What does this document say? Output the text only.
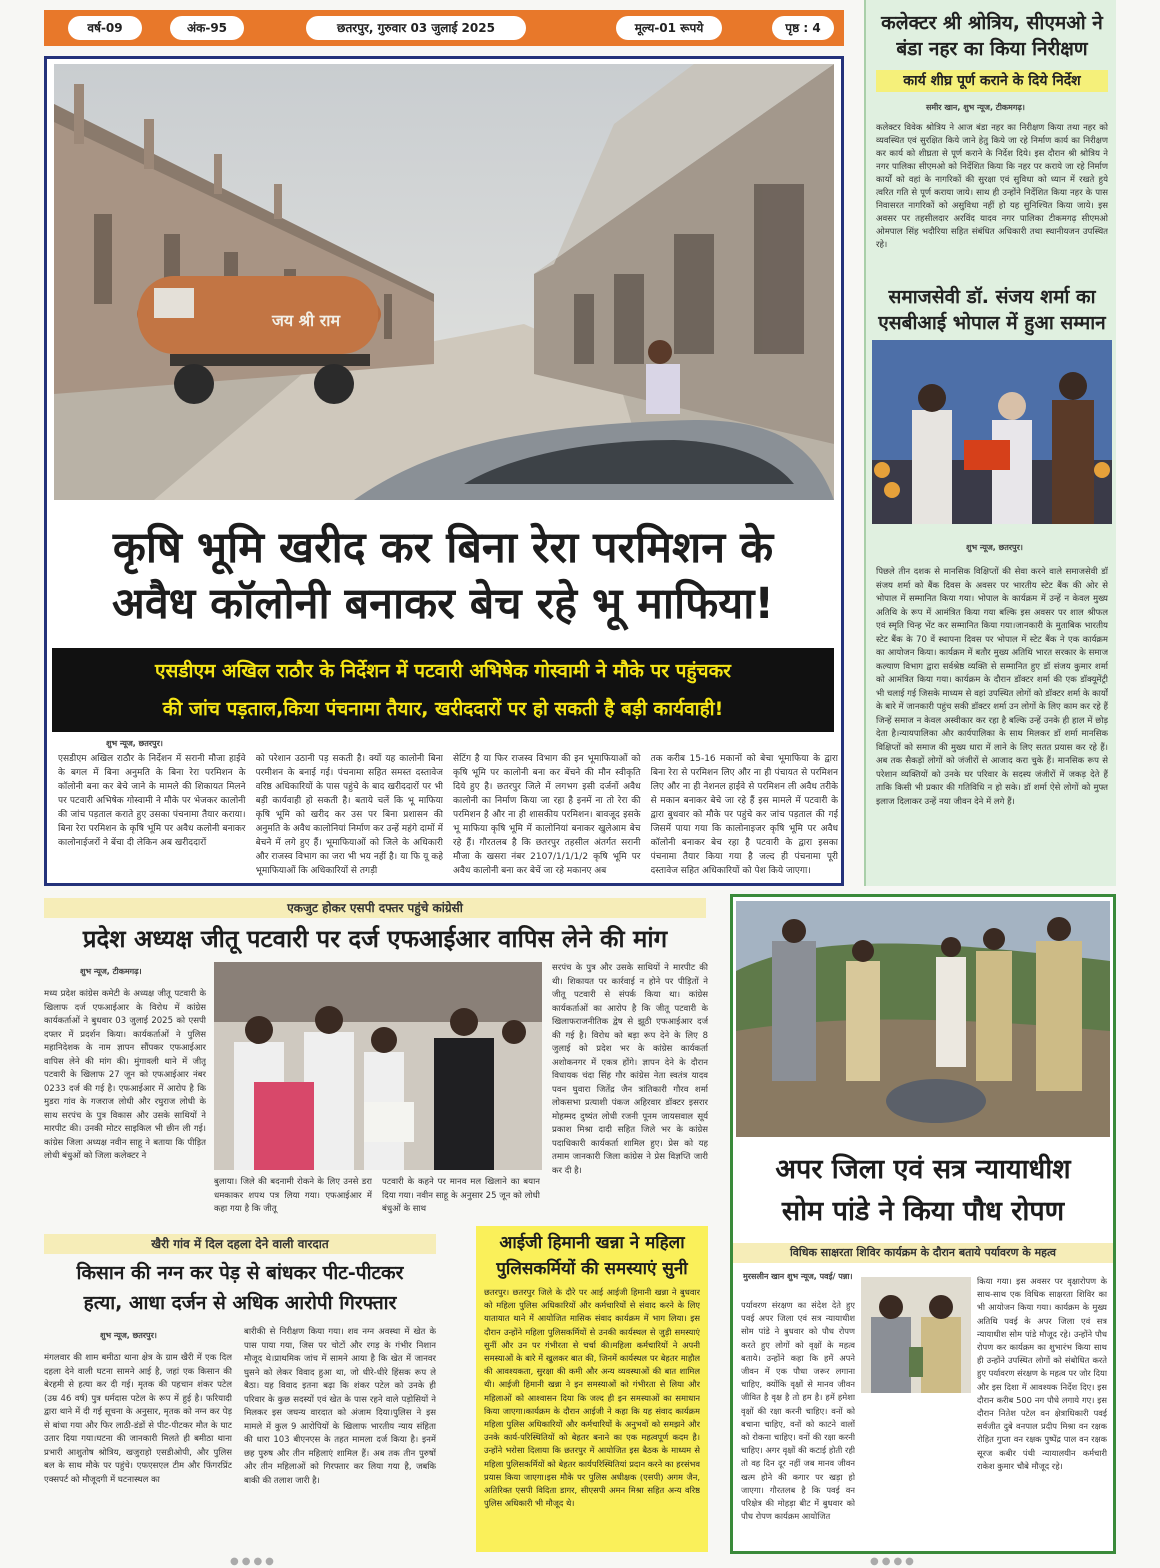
वर्ष-09	अंक-95	छतरपुर, गुरुवार 03 जुलाई 2025	मूल्य-01 रूपये	पृष्ठ : 4
जय श्री राम
कृषि भूमि खरीद कर बिना रेरा परमिशन के
अवैध कॉलोनी बनाकर बेच रहे भू माफिया!
एसडीएम अखिल राठौर के निर्देशन में पटवारी अभिषेक गोस्वामी ने मौके पर पहुंचकर
की जांच पड़ताल,किया पंचनामा तैयार, खरीददारों पर हो सकती है बड़ी कार्यवाही!
शुभ न्यूज, छतरपुर।

एसडीएम अखिल राठौर के निर्देशन में सरानी मौजा हाईवे के बगल में बिना अनुमति के बिना रेरा परमिशन के कॉलोनी बना कर बेचे जाने के मामले की शिकायत मिलने पर पटवारी अभिषेक गोस्वामी ने मौके पर भेजकर कालोनी की जांच पड़ताल कराते हुए उसका पंचनामा तैयार कराया। बिना रेरा परमिशन के कृषि भूमि पर अवैध कलोनी बनाकर कालोनाईजरों ने बेंचा दी लेकिन अब खरीददारों

को परेशान उठानी पड़ सकती है। क्यों यह कालोनी बिना परमीशन के बनाई गई। पंचनामा सहित समस्त दस्तावेज वरिष्ठ अधिकारियों के पास पहुंचे के बाद खरीददारों पर भी बड़ी कार्यवाही हो सकती है। बताये चलें कि भू माफिया कृषि भूमि को खरीद कर उस पर बिना प्रशासन की अनुमति के अवैध कालोनियां निर्माण कर उन्हें महंगे दामों में बेचने में लगे हुए हैं। भूमाफियाओं को जिले के अधिकारी और राजस्व विभाग का जरा भी भय नहीं है। या फि यू कहे भूमाफियाओं कि अधिकारियों से तगड़ी

सेटिंग है या फिर राजस्व विभाग की इन भूमाफियाओं को कृषि भूमि पर कालोनी बना कर बेंचने की मौन स्वीकृति दिये हुए है। छतरपुर जिले में लगभग इसी दर्जनों अवैध कालोनी का निर्माण किया जा रहा है इनमें ना तो रेरा की परमिशन है और ना ही शासकीय परमिशन। बावजूद इसके भू माफिया कृषि भूमि में कालोनियां बनाकर खुलेआम बेच रहे हैं। गौरतलब है कि छतरपुर तहसील अंतर्गत सरानी मौजा के खसरा नंबर 2107/1/1/1/2 कृषि भूमि पर अवैध कालोनी बना कर बेचें जा रहे मकानए अब

तक करीब 15-16 मकानों को बेचा भूमाफिया के द्वारा बिना रेरा से परमिशन लिए और ना ही पंचायत से परमिशन लिए और ना ही नेशनल हाईवे से परमिशन ली अवैध तरीके से मकान बनाकर बेचे जा रहे हैं इस मामले में पटवारी के द्वारा बुधवार को मौके पर पहुंचे कर जांच पड़ताल की गई जिसमें पाया गया कि कालोनाइजर कृषि भूमि पर अवैध कॉलोनी बनाकर बेच रहा है पटवारी के द्वारा इसका पंचनामा तैयार किया गया है जल्द ही पंचनामा पूरी दस्तावेज सहित अधिकारियों को पेश किये जाएगा।

कलेक्टर श्री श्रोत्रिय, सीएमओ ने बंडा नहर का किया निरीक्षण
कार्य शीघ्र पूर्ण कराने के दिये निर्देश
समीर खान, शुभ न्यूज, टीकमगढ़।

कलेक्टर विवेक श्रोत्रिय ने आज बंडा नहर का निरीक्षण किया तथा नहर को व्यवस्थित एवं सुरक्षित किये जाने हेतु किये जा रहे निर्माण कार्य का निरीक्षण कर कार्य को शीघ्रता से पूर्ण कराने के निर्देश दिये। इस दौरान श्री श्रोत्रिय ने नगर पालिका सीएमओ को निर्देशित किया कि नहर पर कराये जा रहे निर्माण कार्यों को वहां के नागरिकों की सुरक्षा एवं सुविधा को ध्यान में रखते हुये त्वरित गति से पूर्ण कराया जाये। साथ ही उन्होंने निर्देशित किया नहर के पास निवासरत नागरिकों को असुविधा नहीं हो यह सुनिश्चित किया जाये। इस अवसर पर तहसीलदार अरविंद यादव नगर पालिका टीकमगढ़ सीएमओ ओमपाल सिंह भदौरिया सहित संबंधित अधिकारी तथा स्थानीयजन उपस्थित रहे।

समाजसेवी डॉ. संजय शर्मा का एसबीआई भोपाल में हुआ सम्मान
शुभ न्यूज, छतरपुर।

पिछले तीन दशक से मानसिक विक्षिप्तों की सेवा करने वाले समाजसेवी डॉ संजय शर्मा को बैंक दिवस के अवसर पर भारतीय स्टेट बैंक की ओर से भोपाल में सम्मानित किया गया। भोपाल के कार्यक्रम में उन्हें न केवल मुख्य अतिथि के रूप में आमंत्रित किया गया बल्कि इस अवसर पर शाल श्रीफल एवं स्मृति चिन्ह भेंट कर सम्मानित किया गया।जानकारी के मुताबिक भारतीय स्टेट बैंक के 70 वें स्थापना दिवस पर भोपाल में स्टेट बैंक ने एक कार्यक्रम का आयोजन किया। कार्यक्रम में बतौर मुख्य अतिथि भारत सरकार के समाज कल्याण विभाग द्वारा सर्वश्रेष्ठ व्यक्ति से सम्मानित हुए डॉ संजय कुमार शर्मा को आमंत्रित किया गया। कार्यक्रम के दौरान डॉक्टर शर्मा की एक डॉक्यूमेंट्री भी चलाई गई जिसके माध्यम से वहां उपस्थित लोगों को डॉक्टर शर्मा के कार्यों के बारे में जानकारी पहुंच सकी डॉक्टर शर्मा उन लोगों के लिए काम कर रहे हैं जिन्हें समाज न केवल अस्वीकार कर रहा है बल्कि उन्हें उनके ही हाल में छोड़ देता है।न्यायपालिका और कार्यपालिका के साथ मिलकर डॉ शर्मा मानसिक विक्षिप्तों को समाज की मुख्य धारा में लाने के लिए सतत प्रयास कर रहे हैं। अब तक सैकड़ों लोगों को जंजीरों से आजाद करा चुके हैं। मानसिक रूप से परेशान व्यक्तियों को उनके घर परिवार के सदस्य जंजीरों में जकड़ देते हैं ताकि किसी भी प्रकार की गतिविधि न हो सके। डॉ शर्मा ऐसे लोगों को मुफ्त इलाज दिलाकर उन्हें नया जीवन देने में लगे हैं।

एकजुट होकर एसपी दफ्तर पहुंचे कांग्रेसी
प्रदेश अध्यक्ष जीतू पटवारी पर दर्ज एफआईआर वापिस लेने की मांग
शुभ न्यूज, टीकमगढ़।

मध्य प्रदेश कांग्रेस कमेटी के अध्यक्ष जीतू पटवारी के खिलाफ दर्ज एफआईआर के विरोध में कांग्रेस कार्यकर्ताओं ने बुधवार 03 जुलाई 2025 को एसपी दफ्तर में प्रदर्शन किया। कार्यकर्ताओं ने पुलिस महानिदेशक के नाम ज्ञापन सौंपकर एफआईआर वापिस लेने की मांग की। मुंगावली थाने में जीतू पटवारी के खिलाफ 27 जून को एफआईआर नंबर 0233 दर्ज की गई है। एफआईआर में आरोप है कि मुडरा गांव के गजराज लोधी और रघुराज लोधी के साथ सरपंच के पुत्र विकास और उसके साथियों ने मारपीट की। उनकी मोटर साइकिल भी छीन ली गई। कांग्रेस जिला अध्यक्ष नवीन साहू ने बताया कि पीड़ित लोधी बंधुओं को जिला कलेक्टर ने

बुलाया। जिले की बदनामी रोकने के लिए उनसे डरा धमकाकर शपथ पत्र लिया गया। एफआईआर में कहा गया है कि जीतू

पटवारी के कहने पर मानव मल खिलाने का बयान दिया गया। नवीन साहू के अनुसार 25 जून को लोधी बंधुओं के साथ

सरपंच के पुत्र और उसके साथियों ने मारपीट की थी। शिकायत पर कार्रवाई न होने पर पीड़ितों ने जीतू पटवारी से संपर्क किया था। कांग्रेस कार्यकर्ताओं का आरोप है कि जीतू पटवारी के खिलाफराजनीतिक द्वेष से झूठी एफआईआर दर्ज की गई है। विरोध को बड़ा रूप देने के लिए 8 जुलाई को प्रदेश भर के कांग्रेस कार्यकर्ता अशोकनगर में एकत्र होंगे। ज्ञापन देने के दौरान विधायक चंदा सिंह गौर कांग्रेस नेता स्वतंत्र यादव पवन घुवारा जितेंद्र जैन त्रांतिकारी गौरव शर्मा लोकसभा प्रत्याशी पंकज अहिरवार डॉक्टर इसरार मोहम्मद दुष्यंत लोधी रजनी पूनम जायसवाल सूर्य प्रकाश मिश्रा दादी सहित जिले भर के कांग्रेस पदाधिकारी कार्यकर्ता शामिल हुए। प्रेस को यह तमाम जानकारी जिला कांग्रेस ने प्रेस विज्ञप्ति जारी कर दी है।

खैरी गांव में दिल दहला देने वाली वारदात
किसान की नग्न कर पेड़ से बांधकर पीट-पीटकर
हत्या, आधा दर्जन से अधिक आरोपी गिरफ्तार
शुभ न्यूज, छतरपुर।

मंगलवार की शाम बमीठा थाना क्षेत्र के ग्राम खैरी में एक दिल दहला देने वाली घटना सामने आई है, जहां एक किसान की बेरहमी से हत्या कर दी गई। मृतक की पहचान शंकर पटेल (उम्र 46 वर्ष) पुत्र धर्मदास पटेल के रूप में हुई है। फरियादी द्वारा थाने में दी गई सूचना के अनुसार, मृतक को नग्न कर पेड़ से बांधा गया और फिर लाठी-डंडों से पीट-पीटकर मौत के घाट उतार दिया गया।घटना की जानकारी मिलते ही बमीठा थाना प्रभारी आशुतोष श्रोत्रिय, खजुराहो एसडीओपी, और पुलिस बल के साथ मौके पर पहुंचे। एफएसएल टीम और फिंगरप्रिंट एक्सपर्ट को मौजूदगी में घटनास्थल का

बारीकी से निरीक्षण किया गया। शव नग्न अवस्था में खेत के पास पाया गया, जिस पर चोटों और रगड़ के गंभीर निशान मौजूद थे।प्राथमिक जांच में सामने आया है कि खेत में जानवर घुसने को लेकर विवाद हुआ था, जो धीरे-धीरे हिंसक रूप ले बैठा। यह विवाद इतना बढ़ा कि शंकर पटेल को उनके ही परिवार के कुछ सदस्यों एवं खेत के पास रहने वाले पड़ोसियों ने मिलकर इस जघन्य वारदात को अंजाम दिया।पुलिस ने इस मामले में कुल 9 आरोपियों के खिलाफ भारतीय न्याय संहिता की धारा 103 बीएनएस के तहत मामला दर्ज किया है। इनमें छह पुरुष और तीन महिलाएं शामिल हैं। अब तक तीन पुरुषों और तीन महिलाओं को गिरफ्तार कर लिया गया है, जबकि बाकी की तलाश जारी है।

आईजी हिमानी खन्ना ने महिला
पुलिसकर्मियों की समस्याएं सुनी

छतरपुर। छतरपुर जिले के दौरे पर आई आईजी हिमानी खन्ना ने बुधवार को महिला पुलिस अधिकारियों और कर्मचारियों से संवाद करने के लिए यातायात थाने में आयोजित मासिक संवाद कार्यक्रम में भाग लिया। इस दौरान उन्होंने महिला पुलिसकर्मियों से उनकी कार्यस्थल से जुड़ी समस्याएं सुनीं और उन पर गंभीरता से चर्चा की।महिला कर्मचारियों ने अपनी समस्याओं के बारे में खुलकर बात की, जिनमें कार्यस्थल पर बेहतर माहौल की आवश्यकता, सुरक्षा की कमी और अन्य व्यवस्थाओं की बात शामिल थी। आईजी हिमानी खन्ना ने इन समस्याओं को गंभीरता से लिया और महिलाओं को आश्वासन दिया कि जल्द ही इन समस्याओं का समाधान किया जाएगा।कार्यक्रम के दौरान आईजी ने कहा कि यह संवाद कार्यक्रम महिला पुलिस अधिकारियों और कर्मचारियों के अनुभवों को समझने और उनके कार्य-परिस्थितियों को बेहतर बनाने का एक महत्वपूर्ण कदम है। उन्होंने भरोसा दिलाया कि छतरपुर में आयोजित इस बैठक के माध्यम से महिला पुलिसकर्मियों को बेहतर कार्यपरिस्थितियां प्रदान करने का हरसंभव प्रयास किया जाएगा।इस मौके पर पुलिस अधीक्षक (एसपी) अगम जैन, अतिरिक्त एसपी विदिता डागर, सीएसपी अमन मिश्रा सहित अन्य वरिष्ठ पुलिस अधिकारी भी मौजूद थे।

अपर जिला एवं सत्र न्यायाधीश
सोम पांडे ने किया पौध रोपण
विधिक साक्षरता शिविर कार्यक्रम के दौरान बताये पर्यावरण के महत्व
मुरसलीन खान शुभ न्यूज, पवई/ पन्ना।

पर्यावरण संरक्षण का संदेश देते हुए पवई अपर जिला एवं सत्र न्यायाधीश सोम पांडे ने बुधवार को पौध रोपण करते हुए लोगों को वृक्षों के महत्व बताये। उन्होंने कहा कि हमें अपने जीवन में एक पौधा जरूर लगाना चाहिए, क्योंकि वृक्षों से मानव जीवन जीवित है वृक्ष है तो हम है। हमें हमेशा वृक्षों की रक्षा करनी चाहिए। वनों को बचाना चाहिए, वनों को काटने वालों को रोकना चाहिए। वनों की रक्षा करनी चाहिए। अगर वृक्षों की कटाई होती रही तो वह दिन दूर नहीं जब मानव जीवन खत्म होने की कगार पर खड़ा हो जाएगा। गौरतलब है कि पवई वन परिक्षेत्र की मोहड़ा बीट में बुधवार को पौध रोपण कार्यक्रम आयोजित

किया गया। इस अवसर पर वृक्षारोपण के साथ-साथ एक विधिक साक्षरता शिविर का भी आयोजन किया गया। कार्यक्रम के मुख्य अतिथि पवई के अपर जिला एवं सत्र न्यायाधीश सोम पांडे मौजूद रहे। उन्होंने पौध रोपण कर कार्यक्रम का शुभारंभ किया साथ ही उन्होंने उपस्थित लोगों को संबोधित करते हुए पर्यावरण संरक्षण के महत्व पर जोर दिया और इस दिशा में आवश्यक निर्देश दिए। इस दौरान करीब 500 नग पौधे लगाये गए। इस दौरान नितेश पटेल वन क्षेत्राधिकारी पवई सर्वजीत दुबे वनपाल प्रदीप मिश्रा वन रक्षक रोहित गुप्ता वन रक्षक पुष्पेंद्र पाल वन रक्षक सूरज कबीर पंथी न्यायालयीन कर्मचारी राकेश कुमार चौबे मौजूद रहे।

●●●●	●●●●
